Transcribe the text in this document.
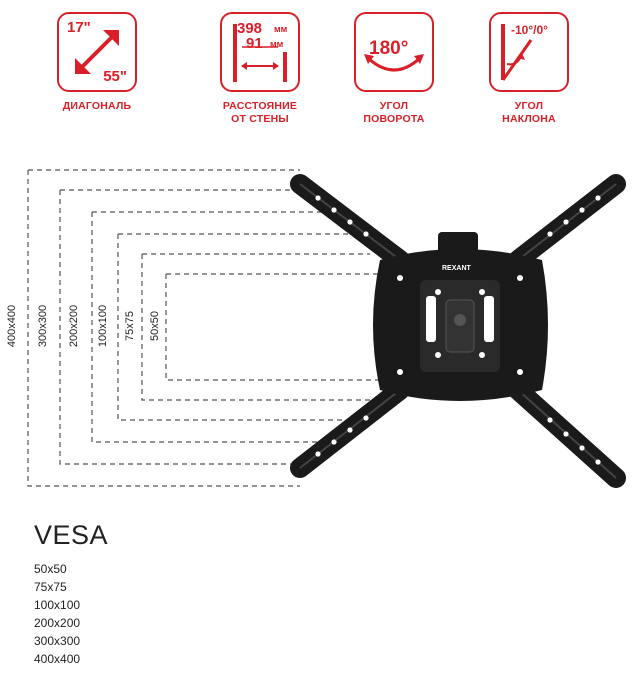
17"
55"
ДИАГОНАЛЬ
398 мм
91 мм
РАССТОЯНИЕ
ОТ СТЕНЫ
180°
УГОЛ
ПОВОРОТА
-10°/0°
УГОЛ
НАКЛОНА
400x400 300x300 200x200 100x100 75x75 50x50
REXANT
VESA
50x50
75x75
100x100
200x200
300x300
400x400
